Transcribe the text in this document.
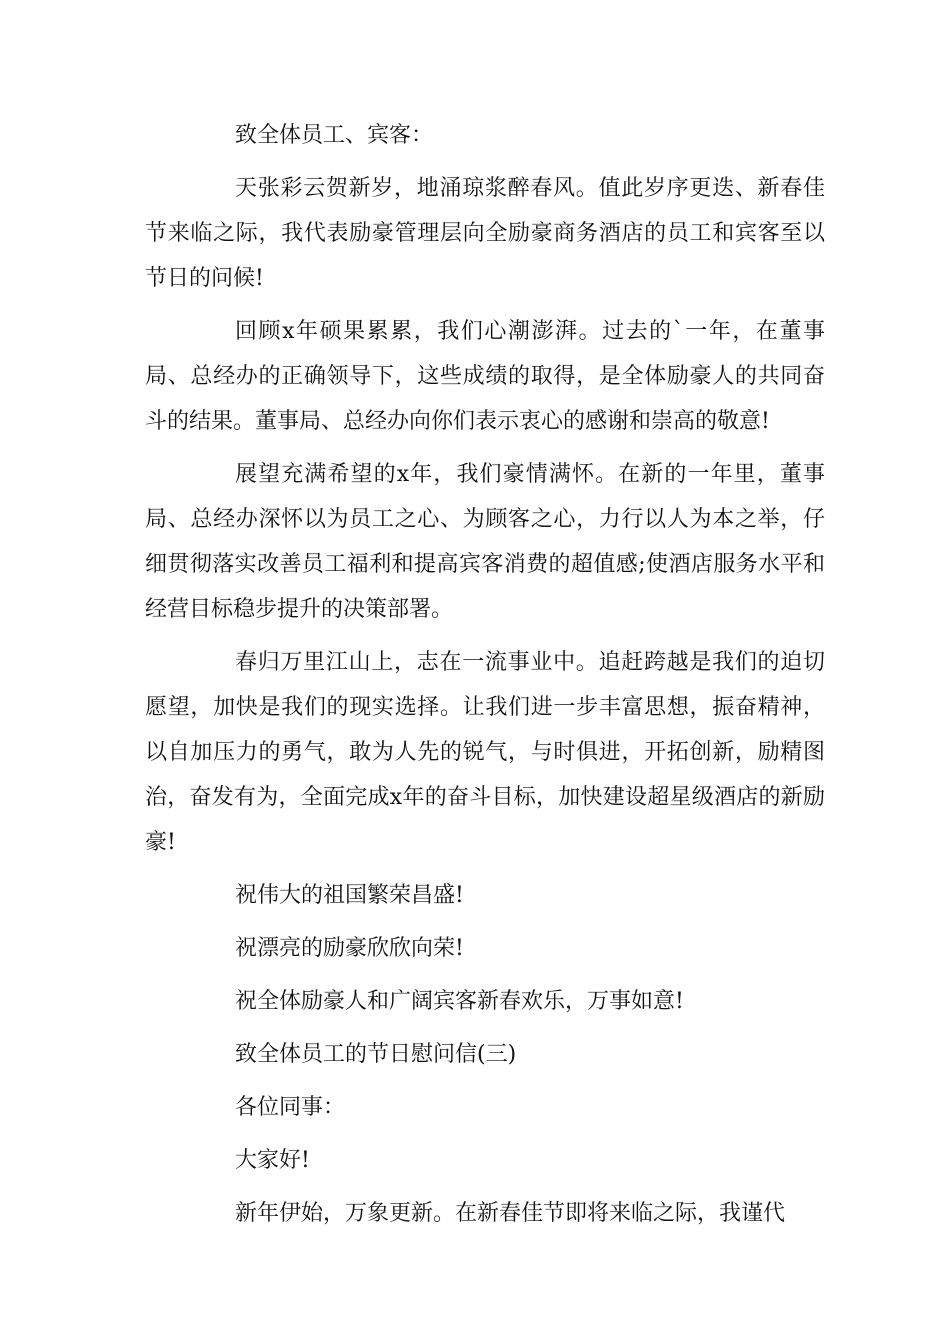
致全体员工、宾客：

天张彩云贺新岁，地涌琼浆醉春风。值此岁序更迭、新春佳节来临之际，我代表励豪管理层向全励豪商务酒店的员工和宾客至以节日的问候!

回顾x年硕果累累，我们心潮澎湃。过去的`一年，在董事局、总经办的正确领导下，这些成绩的取得，是全体励豪人的共同奋斗的结果。董事局、总经办向你们表示衷心的感谢和崇高的敬意!

展望充满希望的x年，我们豪情满怀。在新的一年里，董事局、总经办深怀以为员工之心、为顾客之心，力行以人为本之举，仔细贯彻落实改善员工福利和提高宾客消费的超值感;使酒店服务水平和经营目标稳步提升的决策部署。

春归万里江山上，志在一流事业中。追赶跨越是我们的迫切愿望，加快是我们的现实选择。让我们进一步丰富思想，振奋精神，以自加压力的勇气，敢为人先的锐气，与时俱进，开拓创新，励精图治，奋发有为，全面完成x年的奋斗目标，加快建设超星级酒店的新励豪!

祝伟大的祖国繁荣昌盛!

祝漂亮的励豪欣欣向荣!

祝全体励豪人和广阔宾客新春欢乐，万事如意!

致全体员工的节日慰问信(三)

各位同事：

大家好!

新年伊始，万象更新。在新春佳节即将来临之际，我谨代
